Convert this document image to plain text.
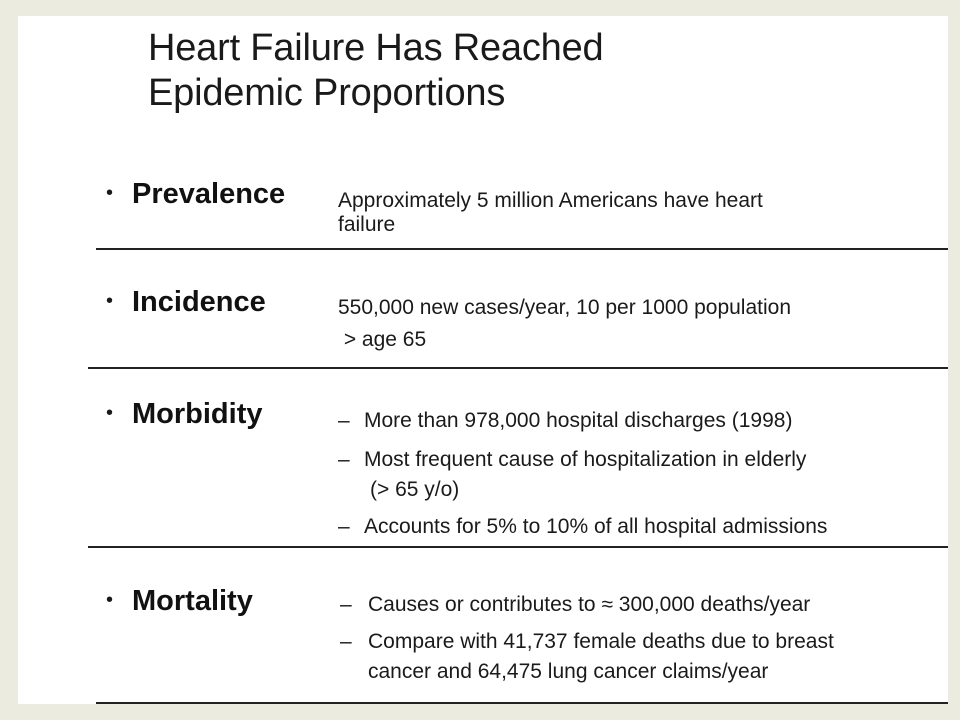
Heart Failure Has Reached
Epidemic Proportions
• Prevalence	Approximately 5 million Americans have heart
failure
• Incidence	550,000 new cases/year, 10 per 1000 population
> age 65
• Morbidity	– More than 978,000 hospital discharges (1998)
– Most frequent cause of hospitalization in elderly
(> 65 y/o)
– Accounts for 5% to 10% of all hospital admissions
• Mortality	– Causes or contributes to ≈ 300,000 deaths/year
– Compare with 41,737 female deaths due to breast
cancer and 64,475 lung cancer claims/year
